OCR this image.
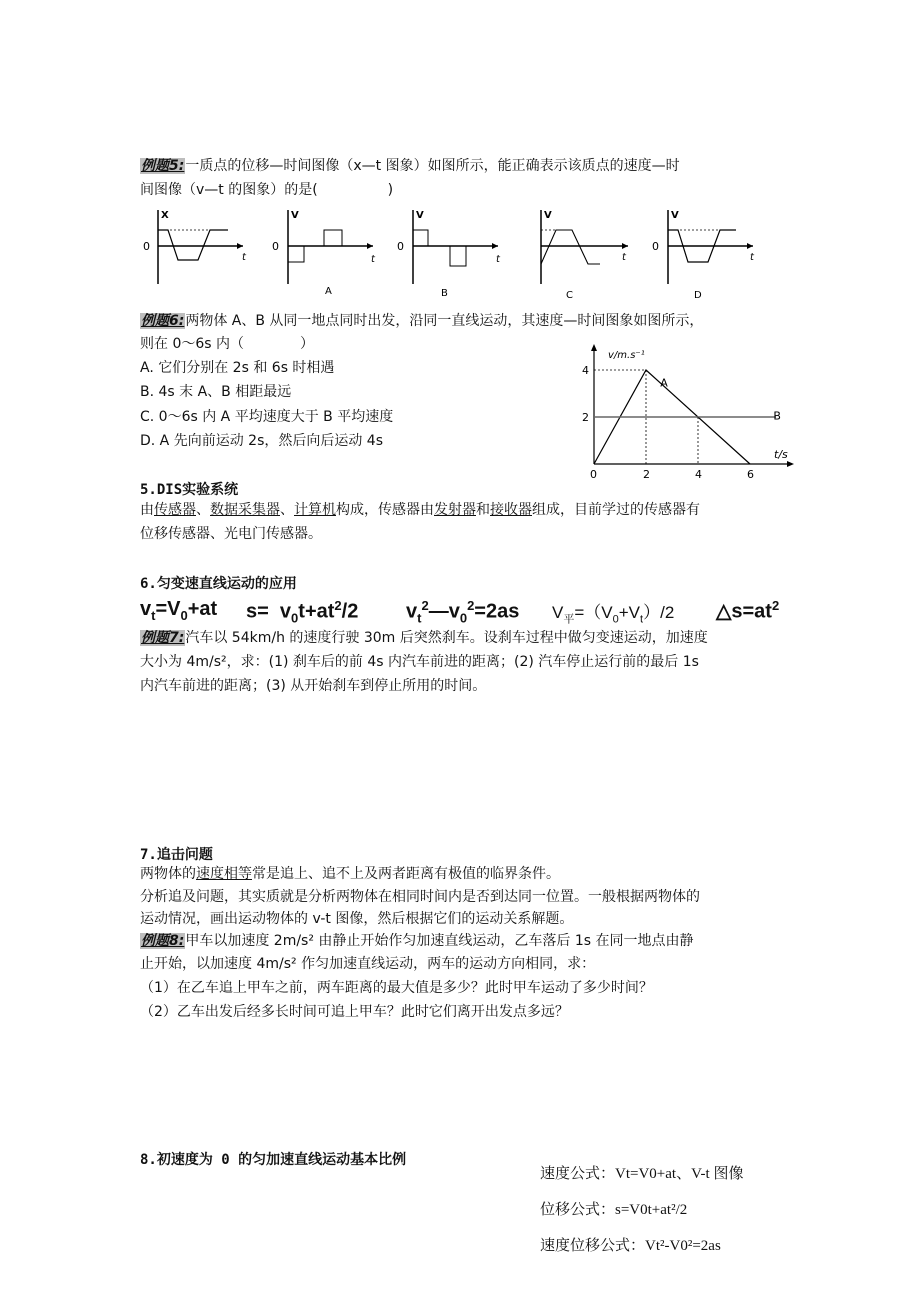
例题5:一质点的位移—时间图像（x—t 图象）如图所示，能正确表示该质点的速度—时
间图像（v—t 的图象）的是(　　　　　)
X
0
t
V
0
t
A
V
0
t
B
V
t
C
V
0
t
D
例题6:两物体 A、B 从同一地点同时出发，沿同一直线运动，其速度—时间图象如图所示，
则在 0～6s 内（　　　　）
A. 它们分别在 2s 和 6s 时相遇
B. 4s 末 A、B 相距最远
C. 0～6s 内 A 平均速度大于 B 平均速度
D. A 先向前运动 2s，然后向后运动 4s
v/m.s⁻¹
t/s
4
2
0	2	4	6
A
B
5.DIS实验系统
由传感器、数据采集器、计算机构成，传感器由发射器和接收器组成，目前学过的传感器有
位移传感器、光电门传感器。
6.匀变速直线运动的应用
$v_t=V_0+at$ $s= v_0t+at^2/2$ $v_t^2—v_0^2=2as$ $V_平=(V_0+V_t)/2$ $\triangle s=at^2$
例题7:汽车以 54km/h 的速度行驶 30m 后突然刹车。设刹车过程中做匀变速运动，加速度
大小为 4m/s²，求：(1) 刹车后的前 4s 内汽车前进的距离；(2) 汽车停止运行前的最后 1s
内汽车前进的距离；(3) 从开始刹车到停止所用的时间。
7.追击问题
两物体的速度相等常是追上、追不上及两者距离有极值的临界条件。
分析追及问题，其实质就是分析两物体在相同时间内是否到达同一位置。一般根据两物体的
运动情况，画出运动物体的 v-t 图像，然后根据它们的运动关系解题。
例题8:甲车以加速度 2m/s² 由静止开始作匀加速直线运动，乙车落后 1s 在同一地点由静
止开始，以加速度 4m/s² 作匀加速直线运动，两车的运动方向相同，求：
（1）在乙车追上甲车之前，两车距离的最大值是多少？此时甲车运动了多少时间？
（2）乙车出发后经多长时间可追上甲车？此时它们离开出发点多远？
8.初速度为 0 的匀加速直线运动基本比例
速度公式：Vt=V0+at、V-t 图像
位移公式：s=V0t+at²/2
速度位移公式：Vt²-V0²=2as
